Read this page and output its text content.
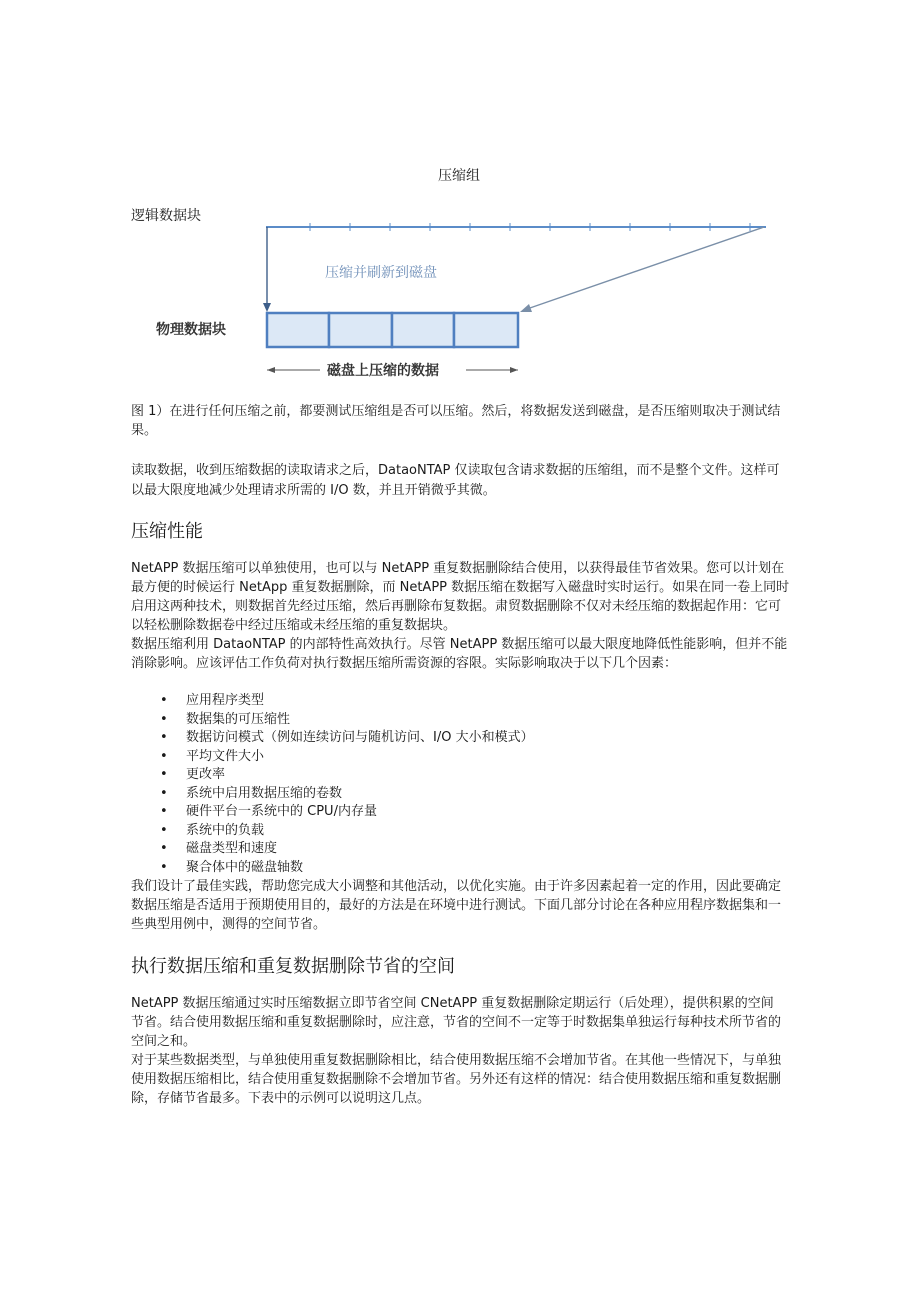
压缩组
逻辑数据块
压缩并刷新到磁盘
物理数据块
磁盘上压缩的数据
图 1）在进行任何压缩之前，都要测试压缩组是否可以压缩。然后，将数据发送到磁盘，是否压缩则取决于测试结
果。
读取数据，收到压缩数据的读取请求之后，DataoNTAP 仅读取包含请求数据的压缩组，而不是整个文件。这样可
以最大限度地减少处理请求所需的 I/O 数，并且开销微乎其微。
压缩性能
NetAPP 数据压缩可以单独使用，也可以与 NetAPP 重复数据删除结合使用，以获得最佳节省效果。您可以计划在
最方便的时候运行 NetApp 重复数据删除，而 NetAPP 数据压缩在数据写入磁盘时实时运行。如果在同一卷上同时
启用这两种技术，则数据首先经过压缩，然后再删除布复数据。肃贸数据删除不仅对未经压缩的数据起作用：它可
以轻松删除数据卷中经过压缩或未经压缩的重复数据块。
数据压缩利用 DataoNTAP 的内部特性高效执行。尽管 NetAPP 数据压缩可以最大限度地降低性能影响，但并不能
消除影响。应该评估工作负荷对执行数据压缩所需资源的容限。实际影响取决于以下几个因素：
• 应用程序类型
• 数据集的可压缩性
• 数据访问模式（例如连续访问与随机访问、I/O 大小和模式）
• 平均文件大小
• 更改率
• 系统中启用数据压缩的卷数
• 硬件平台一系统中的 CPU/内存量
• 系统中的负载
• 磁盘类型和速度
• 聚合体中的磁盘轴数
我们设计了最佳实践，帮助您完成大小调整和其他活动，以优化实施。由于许多因素起着一定的作用，因此要确定
数据压缩是否适用于预期使用目的，最好的方法是在环境中进行测试。下面几部分讨论在各种应用程序数据集和一
些典型用例中，测得的空间节省。
执行数据压缩和重复数据删除节省的空间
NetAPP 数据压缩通过实时压缩数据立即节省空间 CNetAPP 重复数据删除定期运行（后处理），提供积累的空间
节省。结合使用数据压缩和重复数据删除时，应注意，节省的空间不一定等于时数据集单独运行每种技术所节省的
空间之和。
对于某些数据类型，与单独使用重复数据删除相比，结合使用数据压缩不会增加节省。在其他一些情况下，与单独
使用数据压缩相比，结合使用重复数据删除不会增加节省。另外还有这样的情况：结合使用数据压缩和重复数据删
除，存储节省最多。下表中的示例可以说明这几点。
